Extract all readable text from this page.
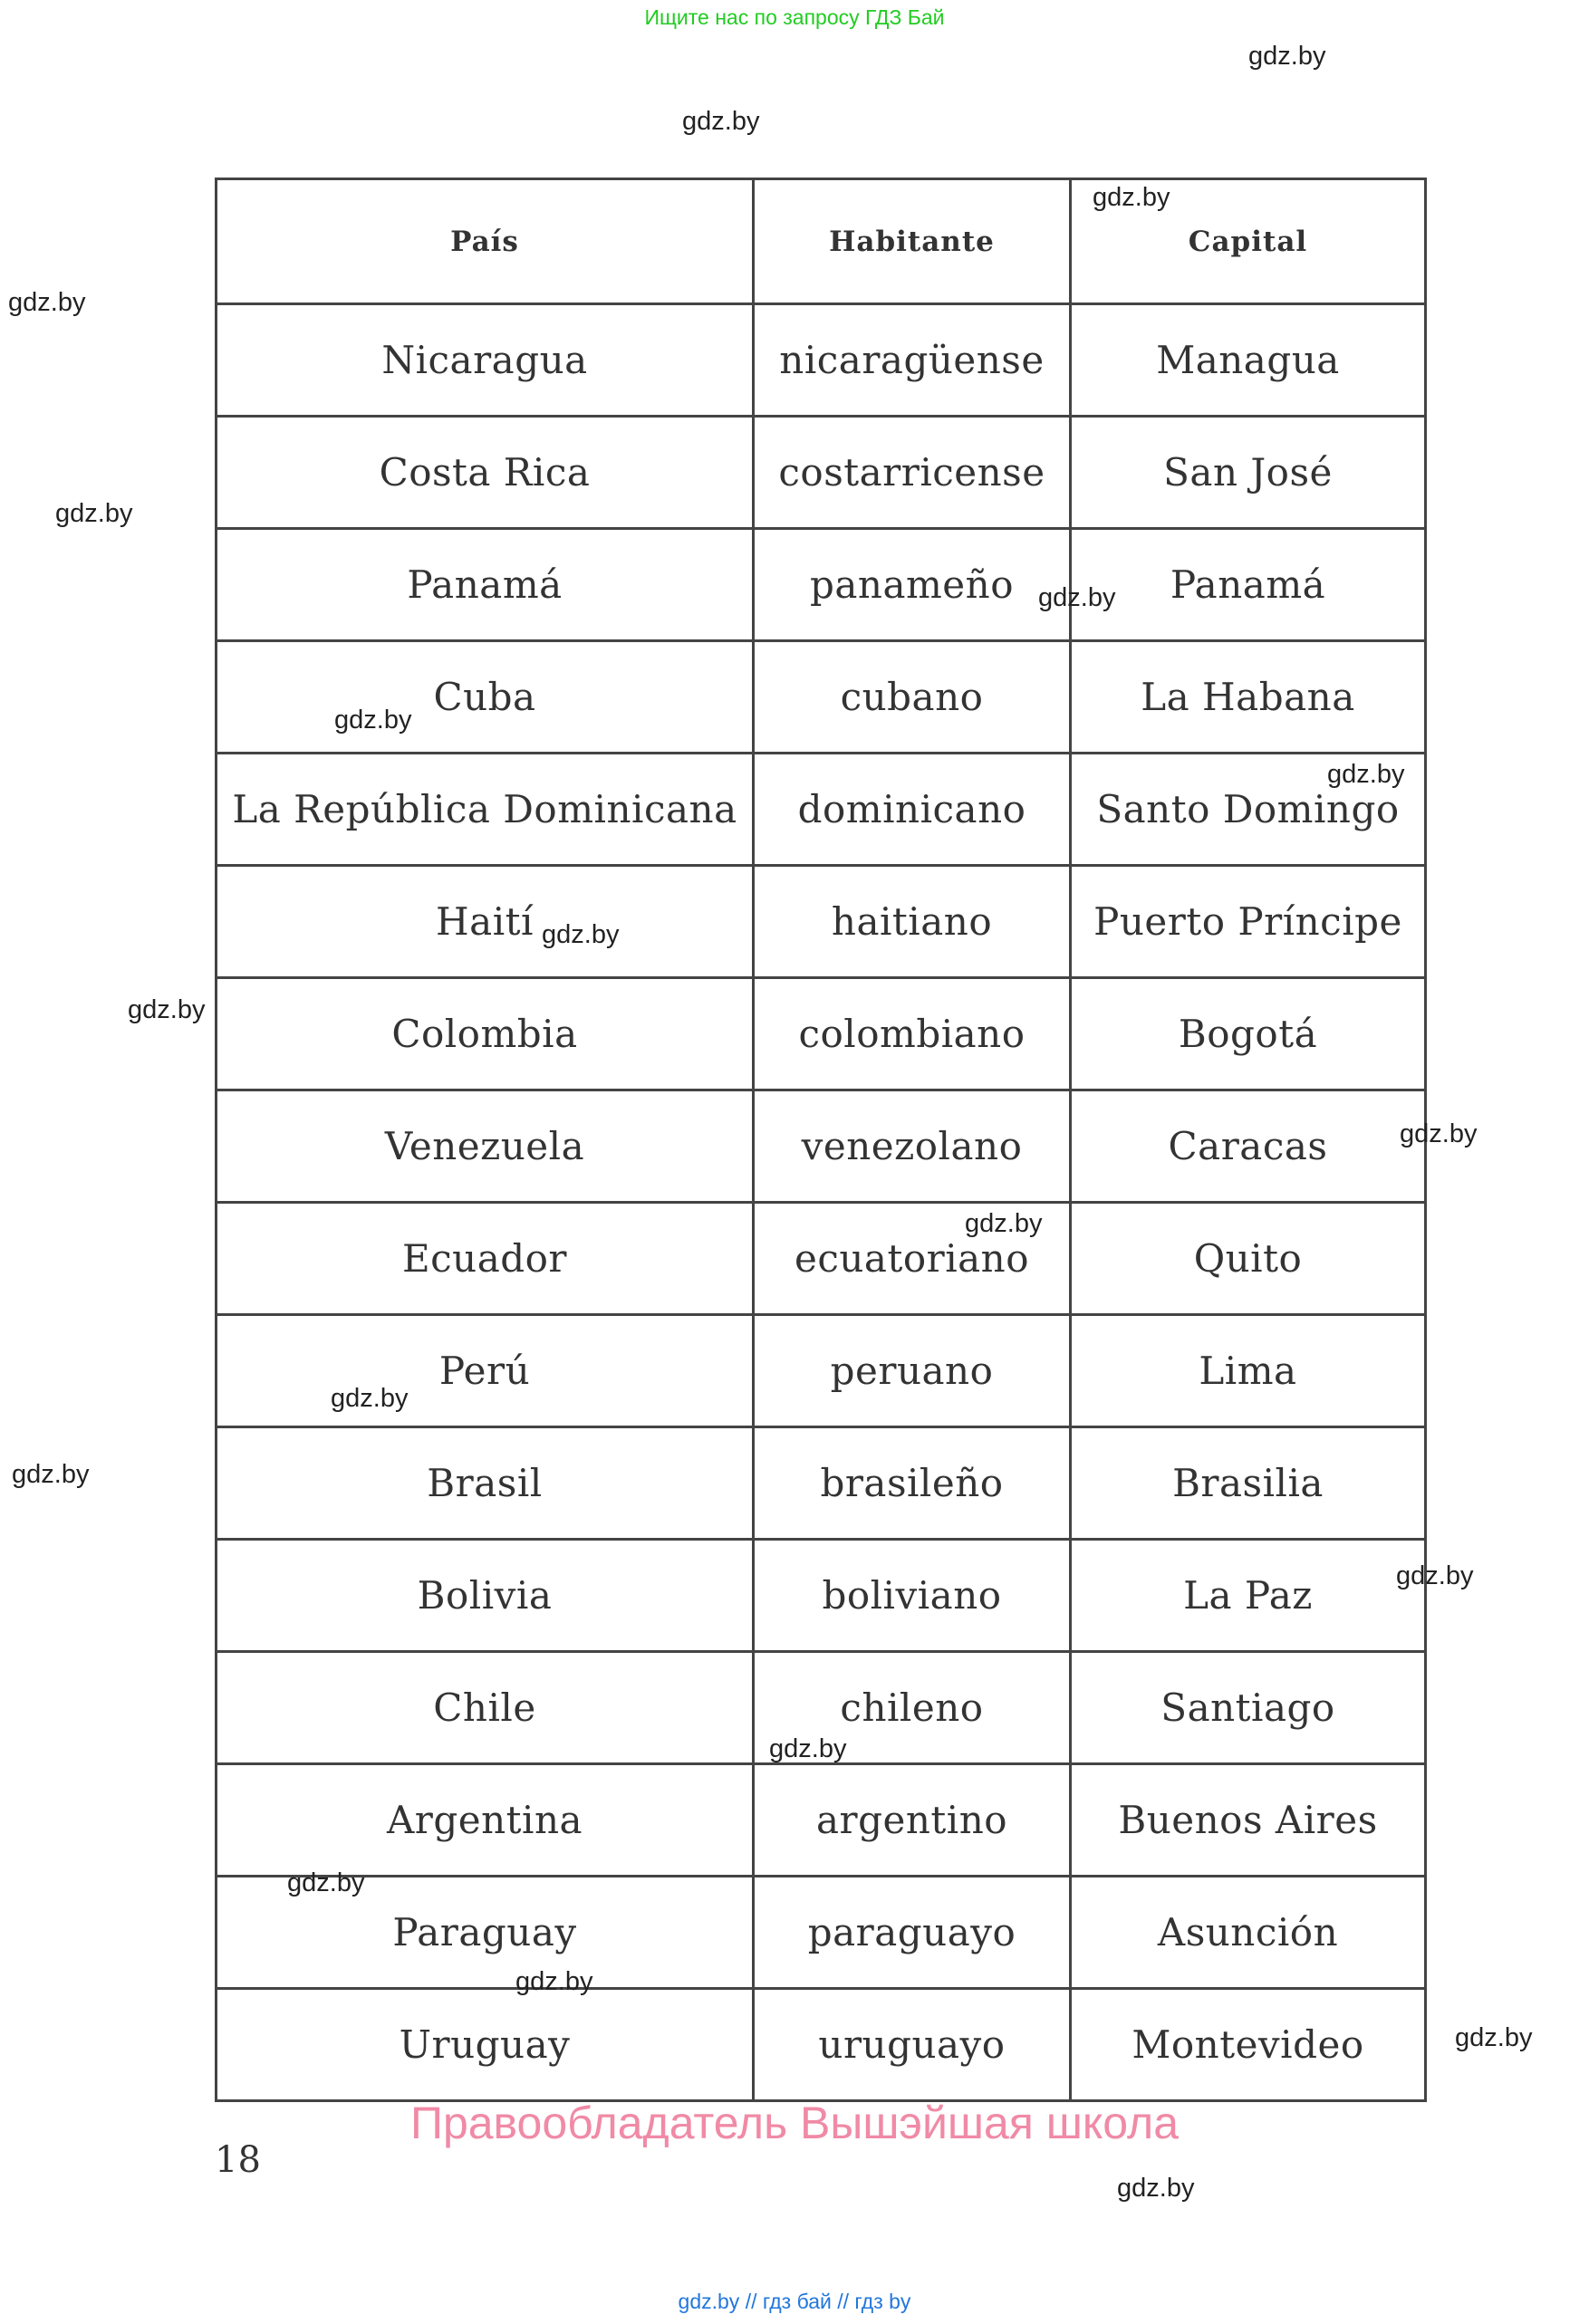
Ищите нас по запросу ГДЗ Бай
gdz.by
gdz.by
gdz.by
gdz.by
gdz.by
gdz.by
gdz.by
gdz.by
gdz.by
gdz.by
gdz.by
gdz.by
gdz.by
gdz.by
gdz.by
gdz.by
gdz.by
gdz.by
gdz.by
gdz.by
País	Habitante	Capital
Nicaragua	nicaragüense	Managua
Costa Rica	costarricense	San José
Panamá	panameño	Panamá
Cuba	cubano	La Habana
La República Dominicana	dominicano	Santo Domingo
Haití	haitiano	Puerto Príncipe
Colombia	colombiano	Bogotá
Venezuela	venezolano	Caracas
Ecuador	ecuatoriano	Quito
Perú	peruano	Lima
Brasil	brasileño	Brasilia
Bolivia	boliviano	La Paz
Chile	chileno	Santiago
Argentina	argentino	Buenos Aires
Paraguay	paraguayo	Asunción
Uruguay	uruguayo	Montevideo
Правообладатель Вышэйшая школа
18
gdz.by // гдз бай // гдз by
